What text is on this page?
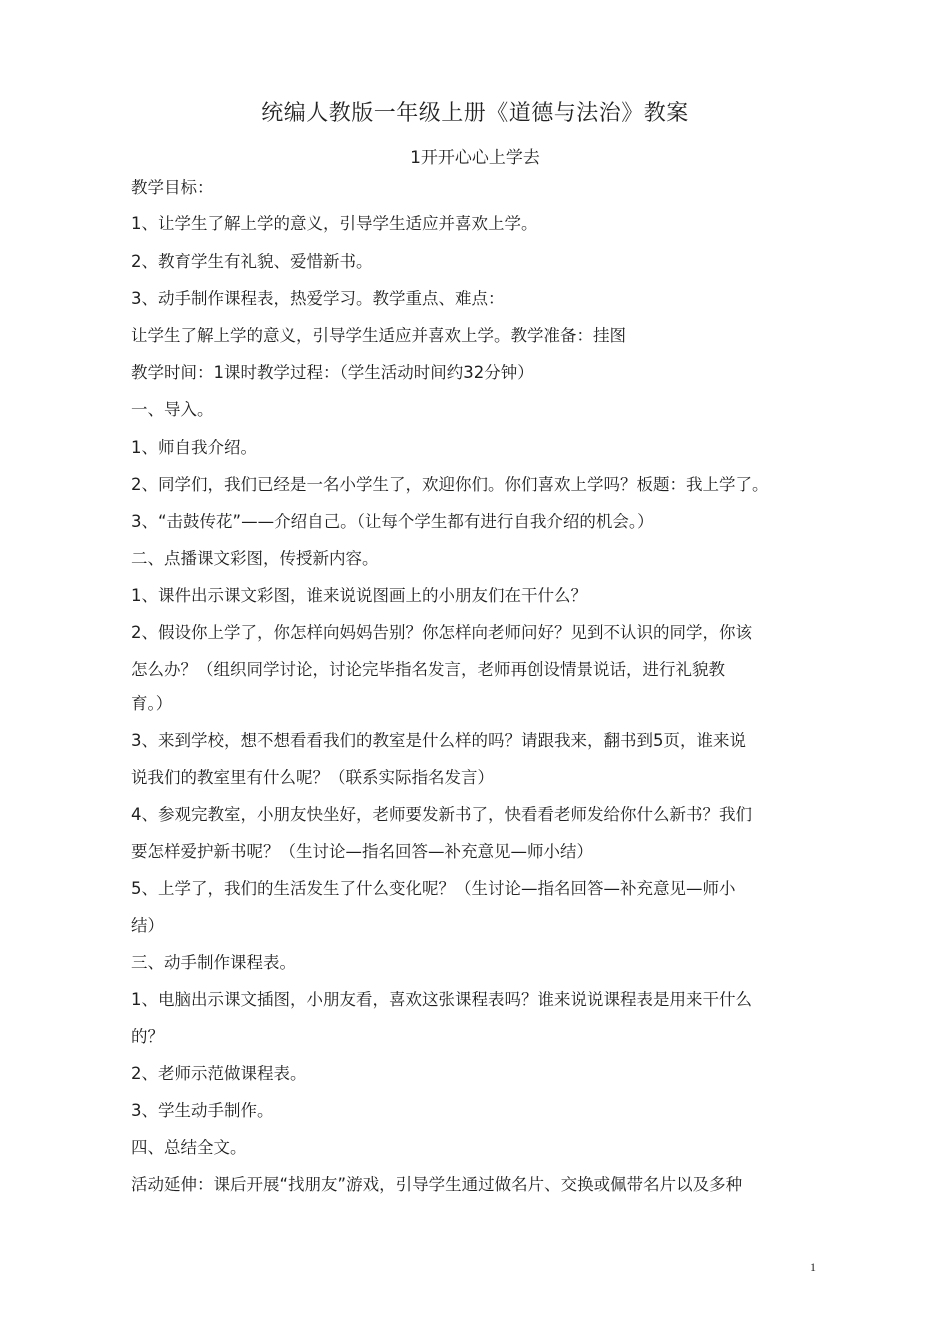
统编人教版一年级上册《道德与法治》教案
1开开心心上学去
教学目标：
1、让学生了解上学的意义，引导学生适应并喜欢上学。
2、教育学生有礼貌、爱惜新书。
3、动手制作课程表，热爱学习。教学重点、难点：
让学生了解上学的意义，引导学生适应并喜欢上学。教学准备：挂图
教学时间：1课时教学过程：（学生活动时间约32分钟）
一、导入。
1、师自我介绍。
2、同学们，我们已经是一名小学生了，欢迎你们。你们喜欢上学吗？板题：我上学了。
3、“击鼓传花”——介绍自己。（让每个学生都有进行自我介绍的机会。）
二、点播课文彩图，传授新内容。
1、课件出示课文彩图，谁来说说图画上的小朋友们在干什么？
2、假设你上学了，你怎样向妈妈告别？你怎样向老师问好？见到不认识的同学，你该
怎么办？（组织同学讨论，讨论完毕指名发言，老师再创设情景说话，进行礼貌教
育。）
3、来到学校，想不想看看我们的教室是什么样的吗？请跟我来，翻书到5页，谁来说
说我们的教室里有什么呢？（联系实际指名发言）
4、参观完教室，小朋友快坐好，老师要发新书了，快看看老师发给你什么新书？我们
要怎样爱护新书呢？（生讨论—指名回答—补充意见—师小结）
5、上学了，我们的生活发生了什么变化呢？（生讨论—指名回答—补充意见—师小
结）
三、动手制作课程表。
1、电脑出示课文插图，小朋友看，喜欢这张课程表吗？谁来说说课程表是用来干什么
的？
2、老师示范做课程表。
3、学生动手制作。
四、总结全文。
活动延伸：课后开展“找朋友”游戏，引导学生通过做名片、交换或佩带名片以及多种
1
